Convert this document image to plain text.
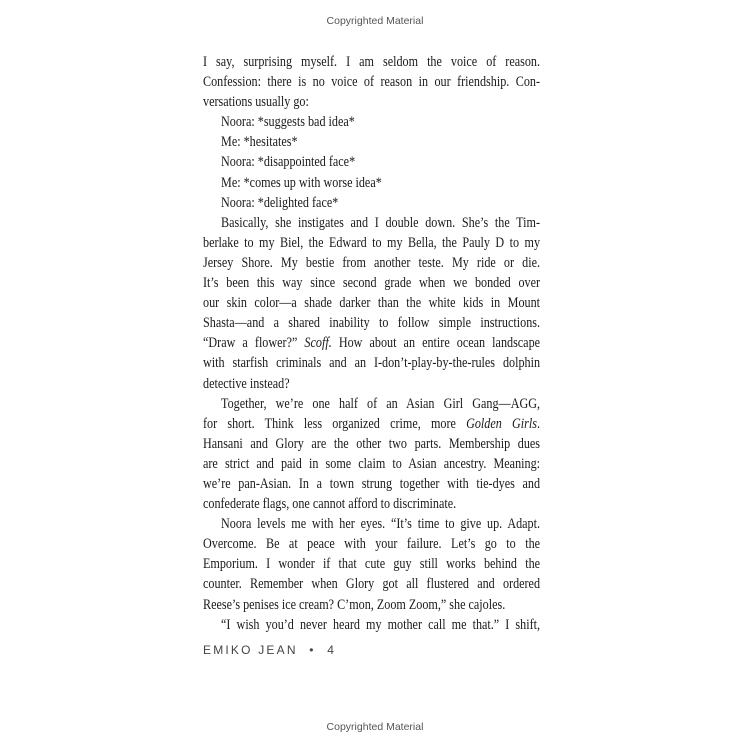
Copyrighted Material
I say, surprising myself. I am seldom the voice of reason.
Confession: there is no voice of reason in our friendship. Con-
versations usually go:
Noora: *suggests bad idea*
Me: *hesitates*
Noora: *disappointed face*
Me: *comes up with worse idea*
Noora: *delighted face*
Basically, she instigates and I double down. She’s the Tim-
berlake to my Biel, the Edward to my Bella, the Pauly D to my
Jersey Shore. My bestie from another teste. My ride or die.
It’s been this way since second grade when we bonded over
our skin color—a shade darker than the white kids in Mount
Shasta—and a shared inability to follow simple instructions.
“Draw a flower?” Scoff. How about an entire ocean landscape
with starfish criminals and an I-don’t-play-by-the-rules dolphin
detective instead?
Together, we’re one half of an Asian Girl Gang—AGG,
for short. Think less organized crime, more Golden Girls.
Hansani and Glory are the other two parts. Membership dues
are strict and paid in some claim to Asian ancestry. Meaning:
we’re pan-Asian. In a town strung together with tie-dyes and
confederate flags, one cannot afford to discriminate.
Noora levels me with her eyes. “It’s time to give up. Adapt.
Overcome. Be at peace with your failure. Let’s go to the
Emporium. I wonder if that cute guy still works behind the
counter. Remember when Glory got all flustered and ordered
Reese’s penises ice cream? C’mon, Zoom Zoom,” she cajoles.
“I wish you’d never heard my mother call me that.” I shift,
EMIKO JEAN • 4
Copyrighted Material
